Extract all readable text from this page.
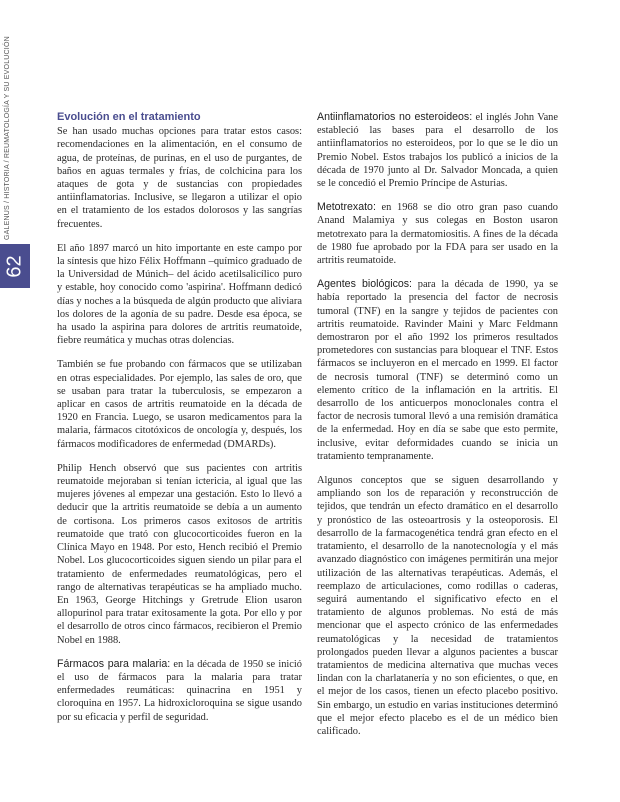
GALENUS / HISTORIA / REUMATOLOGÍA Y SU EVOLUCIÓN
62
Evolución en el tratamiento

Se han usado muchas opciones para tratar estos casos: recomendaciones en la alimentación, en el consumo de agua, de proteínas, de purinas, en el uso de purgantes, de baños en aguas termales y frías, de colchicina para los ataques de gota y de sustancias con propiedades antiinflamatorias. Inclusive, se llegaron a utilizar el opio en el tratamiento de los estados dolorosos y las sangrías frecuentes.

El año 1897 marcó un hito importante en este campo por la síntesis que hizo Félix Hoffmann –químico graduado de la Universidad de Múnich– del ácido acetilsalicílico puro y estable, hoy conocido como 'aspirina'. Hoffmann dedicó días y noches a la búsqueda de algún producto que aliviara los dolores de la agonía de su padre. Desde esa época, se ha usado la aspirina para dolores de artritis reumatoide, fiebre reumática y muchas otras dolencias.

También se fue probando con fármacos que se utilizaban en otras especialidades. Por ejemplo, las sales de oro, que se usaban para tratar la tuberculosis, se empezaron a aplicar en casos de artritis reumatoide en la década de 1920 en Francia. Luego, se usaron medicamentos para la malaria, fármacos citotóxicos de oncología y, después, los fármacos modificadores de enfermedad (DMARDs).

Philip Hench observó que sus pacientes con artritis reumatoide mejoraban si tenían ictericia, al igual que las mujeres jóvenes al empezar una gestación. Esto lo llevó a deducir que la artritis reumatoide se debía a un aumento de cortisona. Los primeros casos exitosos de artritis reumatoide que trató con glucocorticoides fueron en la Clínica Mayo en 1948. Por esto, Hench recibió el Premio Nobel. Los glucocorticoides siguen siendo un pilar para el tratamiento de enfermedades reumatológicas, pero el rango de alternativas terapéuticas se ha ampliado mucho. En 1963, George Hitchings y Gretrude Elion usaron allopurinol para tratar exitosamente la gota. Por ello y por el desarrollo de otros cinco fármacos, recibieron el Premio Nobel en 1988.

Fármacos para malaria: en la década de 1950 se inició el uso de fármacos para la malaria para tratar enfermedades reumáticas: quinacrina en 1951 y cloroquina en 1957. La hidroxicloroquina se sigue usando por su eficacia y perfil de seguridad.

Antiinflamatorios no esteroideos: el inglés John Vane estableció las bases para el desarrollo de los antiinflamatorios no esteroideos, por lo que se le dio un Premio Nobel. Estos trabajos los publicó a inicios de la década de 1970 junto al Dr. Salvador Moncada, a quien se le concedió el Premio Príncipe de Asturias.

Metotrexato: en 1968 se dio otro gran paso cuando Anand Malamiya y sus colegas en Boston usaron metotrexato para la dermatomiositis. A fines de la década de 1980 fue aprobado por la FDA para ser usado en la artritis reumatoide.

Agentes biológicos: para la década de 1990, ya se había reportado la presencia del factor de necrosis tumoral (TNF) en la sangre y tejidos de pacientes con artritis reumatoide. Ravinder Maini y Marc Feldmann demostraron por el año 1992 los primeros resultados prometedores con sustancias para bloquear el TNF. Estos fármacos se incluyeron en el mercado en 1999. El factor de necrosis tumoral (TNF) se determinó como un elemento crítico de la inflamación en la artritis. El desarrollo de los anticuerpos monoclonales contra el factor de necrosis tumoral llevó a una remisión dramática de la enfermedad. Hoy en día se sabe que esto permite, inclusive, evitar deformidades cuando se inicia un tratamiento tempranamente.

Algunos conceptos que se siguen desarrollando y ampliando son los de reparación y reconstrucción de tejidos, que tendrán un efecto dramático en el desarrollo y pronóstico de las osteoartrosis y la osteoporosis. El desarrollo de la farmacogenética tendrá gran efecto en el tratamiento, el desarrollo de la nanotecnología y el más avanzado diagnóstico con imágenes permitirán una mejor utilización de las alternativas terapéuticas. Además, el reemplazo de articulaciones, como rodillas o caderas, seguirá aumentando el significativo efecto en el tratamiento de algunos problemas. No está de más mencionar que el aspecto crónico de las enfermedades reumatológicas y la necesidad de tratamientos prolongados pueden llevar a algunos pacientes a buscar tratamientos de medicina alternativa que muchas veces lindan con la charlatanería y no son eficientes, o que, en el mejor de los casos, tienen un efecto placebo positivo. Sin embargo, un estudio en varias instituciones determinó que el mejor efecto placebo es el de un médico bien calificado.
